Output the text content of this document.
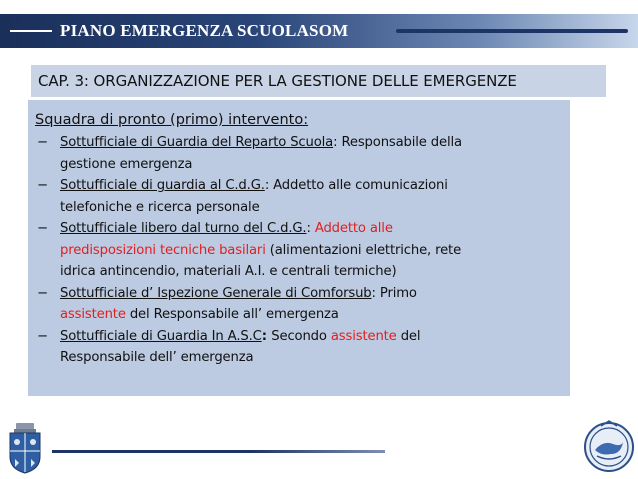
PIANO EMERGENZA SCUOLASOM
CAP. 3: ORGANIZZAZIONE PER LA GESTIONE DELLE EMERGENZE
Squadra di pronto (primo) intervento:
− Sottufficiale di Guardia del Reparto Scuola: Responsabile della
gestione emergenza
− Sottufficiale di guardia al C.d.G.: Addetto alle comunicazioni
telefoniche e ricerca personale
− Sottufficiale libero dal turno del C.d.G.: Addetto alle
predisposizioni tecniche basilari (alimentazioni elettriche, rete
idrica antincendio, materiali A.I. e centrali termiche)
− Sottufficiale d’ Ispezione Generale di Comforsub: Primo
assistente del Responsabile all’ emergenza
− Sottufficiale di Guardia In A.S.C: Secondo assistente del
Responsabile dell’ emergenza
